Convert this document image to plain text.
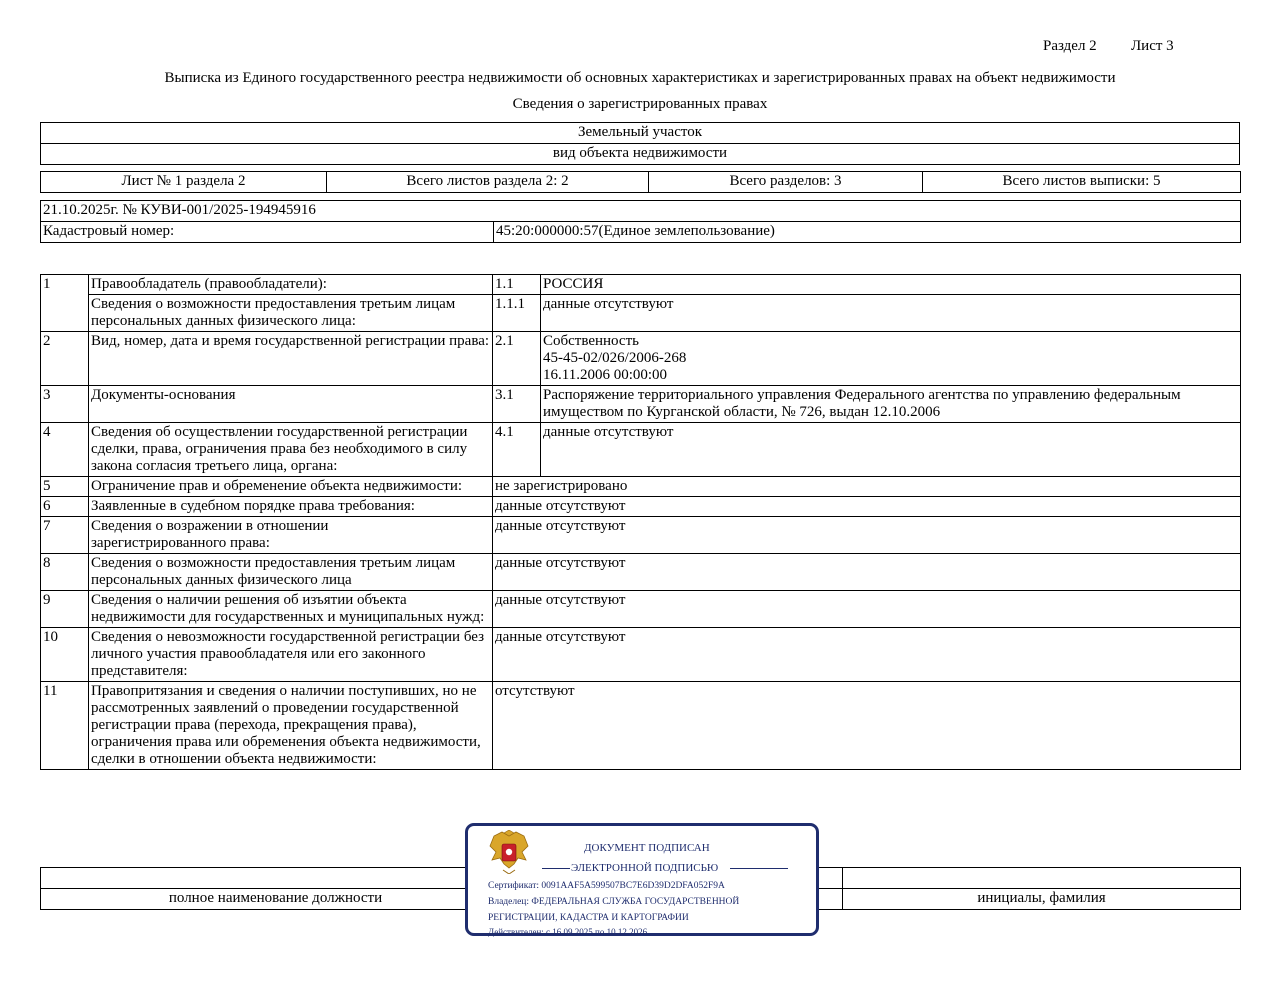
Раздел 2 Лист 3
Выписка из Единого государственного реестра недвижимости об основных характеристиках и зарегистрированных правах на объект недвижимости
Сведения о зарегистрированных правах
Земельный участок
вид объекта недвижимости
Лист № 1 раздела 2	Всего листов раздела 2: 2	Всего разделов: 3	Всего листов выписки: 5
21.10.2025г. № КУВИ-001/2025-194945916
Кадастровый номер:	45:20:000000:57(Единое землепользование)
1	Правообладатель (правообладатели):	1.1	РОССИЯ
	Сведения о возможности предоставления третьим лицам персональных данных физического лица:	1.1.1	данные отсутствуют
2	Вид, номер, дата и время государственной регистрации права:	2.1	Собственность
45-45-02/026/2006-268
16.11.2006 00:00:00

3	Документы-основания	3.1	Распоряжение территориального управления Федерального агентства по управлению федеральным имуществом по Курганской области, № 726, выдан 12.10.2006
4	Сведения об осуществлении государственной регистрации сделки, права, ограничения права без необходимого в силу закона согласия третьего лица, органа:	4.1	данные отсутствуют
5	Ограничение прав и обременение объекта недвижимости:	не зарегистрировано	
6	Заявленные в судебном порядке права требования:	данные отсутствуют	
7	Сведения о возражении в отношении зарегистрированного права:	данные отсутствуют	
8	Сведения о возможности предоставления третьим лицам персональных данных физического лица	данные отсутствуют	
9	Сведения о наличии решения об изъятии объекта недвижимости для государственных и муниципальных нужд:	данные отсутствуют	
10	Сведения о невозможности государственной регистрации без личного участия правообладателя или его законного представителя:	данные отсутствуют	
11	Правопритязания и сведения о наличии поступивших, но не рассмотренных заявлений о проведении государственной регистрации права (перехода, прекращения права), ограничения права или обременения объекта недвижимости, сделки в отношении объекта недвижимости:	отсутствуют	

полное наименование должности		инициалы, фамилия
ДОКУМЕНТ ПОДПИСАН
ЭЛЕКТРОННОЙ ПОДПИСЬЮ
Сертификат: 0091AAF5A599507BC7E6D39D2DFA052F9A
Владелец: ФЕДЕРАЛЬНАЯ СЛУЖБА ГОСУДАРСТВЕННОЙ
РЕГИСТРАЦИИ, КАДАСТРА И КАРТОГРАФИИ
Действителен: с 16.09.2025 по 10.12.2026
